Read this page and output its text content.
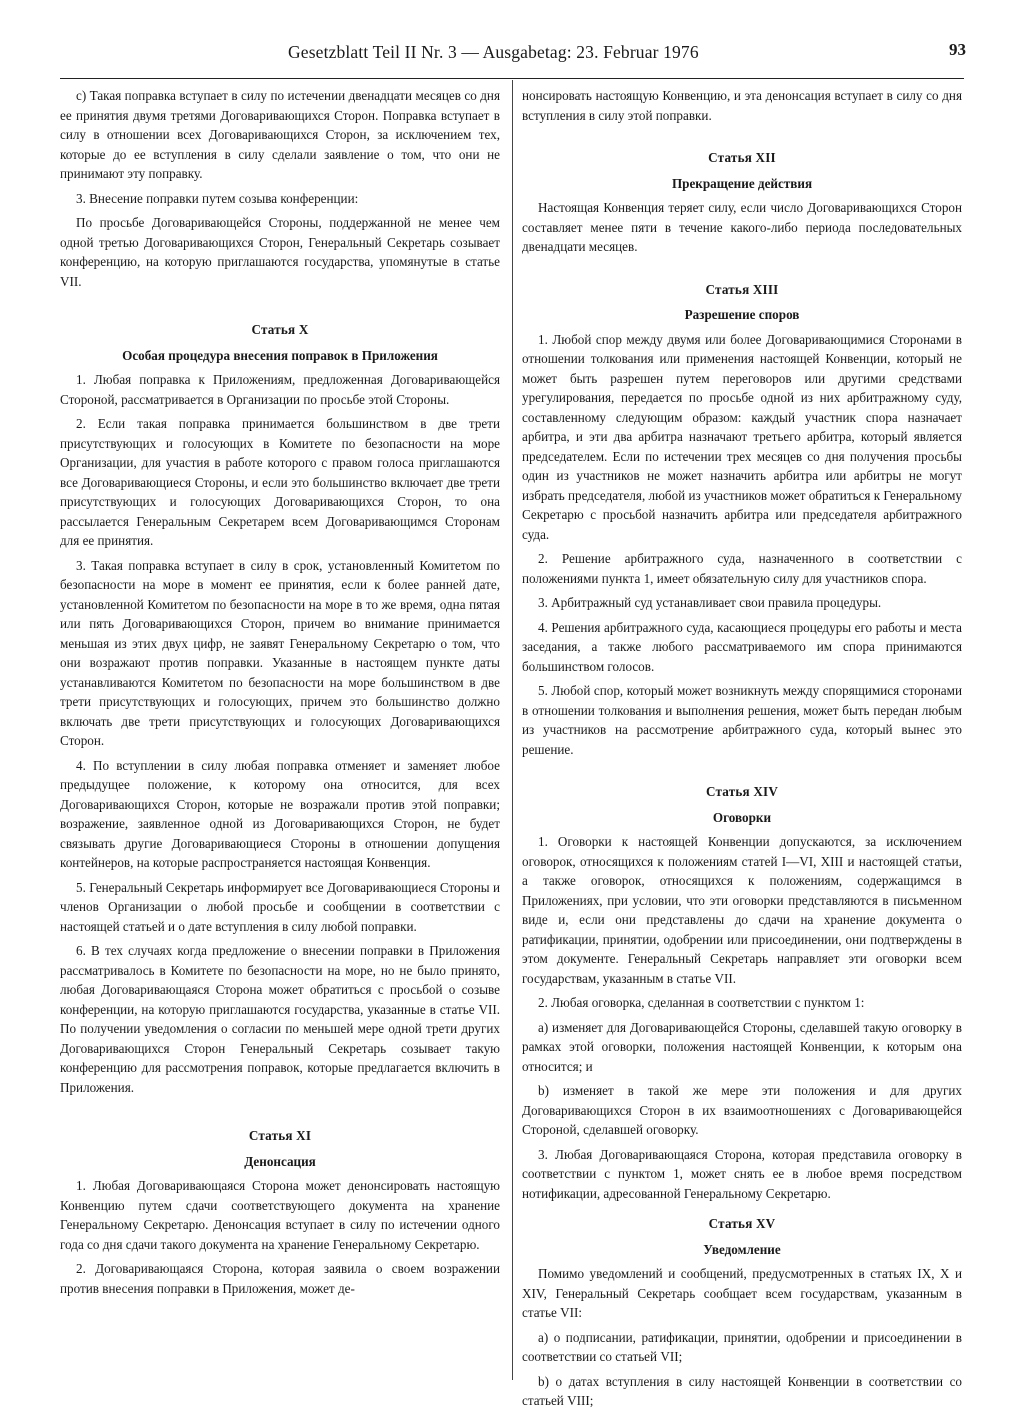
Gesetzblatt Teil II Nr. 3 — Ausgabetag: 23. Februar 1976	93

c) Такая поправка вступает в силу по истечении двенадцати месяцев со дня ее принятия двумя третями Договаривающихся Сторон. Поправка вступает в силу в отношении всех Договаривающихся Сторон, за исключением тех, которые до ее вступления в силу сделали заявление о том, что они не принимают эту поправку.

3. Внесение поправки путем созыва конференции:

По просьбе Договаривающейся Стороны, поддержанной не менее чем одной третью Договаривающихся Сторон, Генеральный Секретарь созывает конференцию, на которую приглашаются государства, упомянутые в статье VII.

Статья X
Особая процедура внесения поправок в Приложения

1. Любая поправка к Приложениям, предложенная Договаривающейся Стороной, рассматривается в Организации по просьбе этой Стороны.

2. Если такая поправка принимается большинством в две трети присутствующих и голосующих в Комитете по безопасности на море Организации, для участия в работе которого с правом голоса приглашаются все Договаривающиеся Стороны, и если это большинство включает две трети присутствующих и голосующих Договаривающихся Сторон, то она рассылается Генеральным Секретарем всем Договаривающимся Сторонам для ее принятия.

3. Такая поправка вступает в силу в срок, установленный Комитетом по безопасности на море в момент ее принятия, если к более ранней дате, установленной Комитетом по безопасности на море в то же время, одна пятая или пять Договаривающихся Сторон, причем во внимание принимается меньшая из этих двух цифр, не заявят Генеральному Секретарю о том, что они возражают против поправки. Указанные в настоящем пункте даты устанавливаются Комитетом по безопасности на море большинством в две трети присутствующих и голосующих, причем это большинство должно включать две трети присутствующих и голосующих Договаривающихся Сторон.

4. По вступлении в силу любая поправка отменяет и заменяет любое предыдущее положение, к которому она относится, для всех Договаривающихся Сторон, которые не возражали против этой поправки; возражение, заявленное одной из Договаривающихся Сторон, не будет связывать другие Договаривающиеся Стороны в отношении допущения контейнеров, на которые распространяется настоящая Конвенция.

5. Генеральный Секретарь информирует все Договаривающиеся Стороны и членов Организации о любой просьбе и сообщении в соответствии с настоящей статьей и о дате вступления в силу любой поправки.

6. В тех случаях когда предложение о внесении поправки в Приложения рассматривалось в Комитете по безопасности на море, но не было принято, любая Договаривающаяся Сторона может обратиться с просьбой о созыве конференции, на которую приглашаются государства, указанные в статье VII. По получении уведомления о согласии по меньшей мере одной трети других Договаривающихся Сторон Генеральный Секретарь созывает такую конференцию для рассмотрения поправок, которые предлагается включить в Приложения.

Статья XI
Денонсация

1. Любая Договаривающаяся Сторона может денонсировать настоящую Конвенцию путем сдачи соответствующего документа на хранение Генеральному Секретарю. Денонсация вступает в силу по истечении одного года со дня сдачи такого документа на хранение Генеральному Секретарю.

2. Договаривающаяся Сторона, которая заявила о своем возражении против внесения поправки в Приложения, может де-

нонсировать настоящую Конвенцию, и эта денонсация вступает в силу со дня вступления в силу этой поправки.

Статья XII
Прекращение действия

Настоящая Конвенция теряет силу, если число Договаривающихся Сторон составляет менее пяти в течение какого-либо периода последовательных двенадцати месяцев.

Статья XIII
Разрешение споров

1. Любой спор между двумя или более Договаривающимися Сторонами в отношении толкования или применения настоящей Конвенции, который не может быть разрешен путем переговоров или другими средствами урегулирования, передается по просьбе одной из них арбитражному суду, составленному следующим образом: каждый участник спора назначает арбитра, и эти два арбитра назначают третьего арбитра, который является председателем. Если по истечении трех месяцев со дня получения просьбы один из участников не может назначить арбитра или арбитры не могут избрать председателя, любой из участников может обратиться к Генеральному Секретарю с просьбой назначить арбитра или председателя арбитражного суда.

2. Решение арбитражного суда, назначенного в соответствии с положениями пункта 1, имеет обязательную силу для участников спора.

3. Арбитражный суд устанавливает свои правила процедуры.

4. Решения арбитражного суда, касающиеся процедуры его работы и места заседания, а также любого рассматриваемого им спора принимаются большинством голосов.

5. Любой спор, который может возникнуть между спорящимися сторонами в отношении толкования и выполнения решения, может быть передан любым из участников на рассмотрение арбитражного суда, который вынес это решение.

Статья XIV
Оговорки

1. Оговорки к настоящей Конвенции допускаются, за исключением оговорок, относящихся к положениям статей I—VI, XIII и настоящей статьи, а также оговорок, относящихся к положениям, содержащимся в Приложениях, при условии, что эти оговорки представляются в письменном виде и, если они представлены до сдачи на хранение документа о ратификации, принятии, одобрении или присоединении, они подтверждены в этом документе. Генеральный Секретарь направляет эти оговорки всем государствам, указанным в статье VII.

2. Любая оговорка, сделанная в соответствии с пунктом 1:

a) изменяет для Договаривающейся Стороны, сделавшей такую оговорку в рамках этой оговорки, положения настоящей Конвенции, к которым она относится; и

b) изменяет в такой же мере эти положения и для других Договаривающихся Сторон в их взаимоотношениях с Договаривающейся Стороной, сделавшей оговорку.

3. Любая Договаривающаяся Сторона, которая представила оговорку в соответствии с пунктом 1, может снять ее в любое время посредством нотификации, адресованной Генеральному Секретарю.

Статья XV
Уведомление

Помимо уведомлений и сообщений, предусмотренных в статьях IX, X и XIV, Генеральный Секретарь сообщает всем государствам, указанным в статье VII:

a) о подписании, ратификации, принятии, одобрении и присоединении в соответствии со статьей VII;

b) о датах вступления в силу настоящей Конвенции в соответствии со статьей VIII;
